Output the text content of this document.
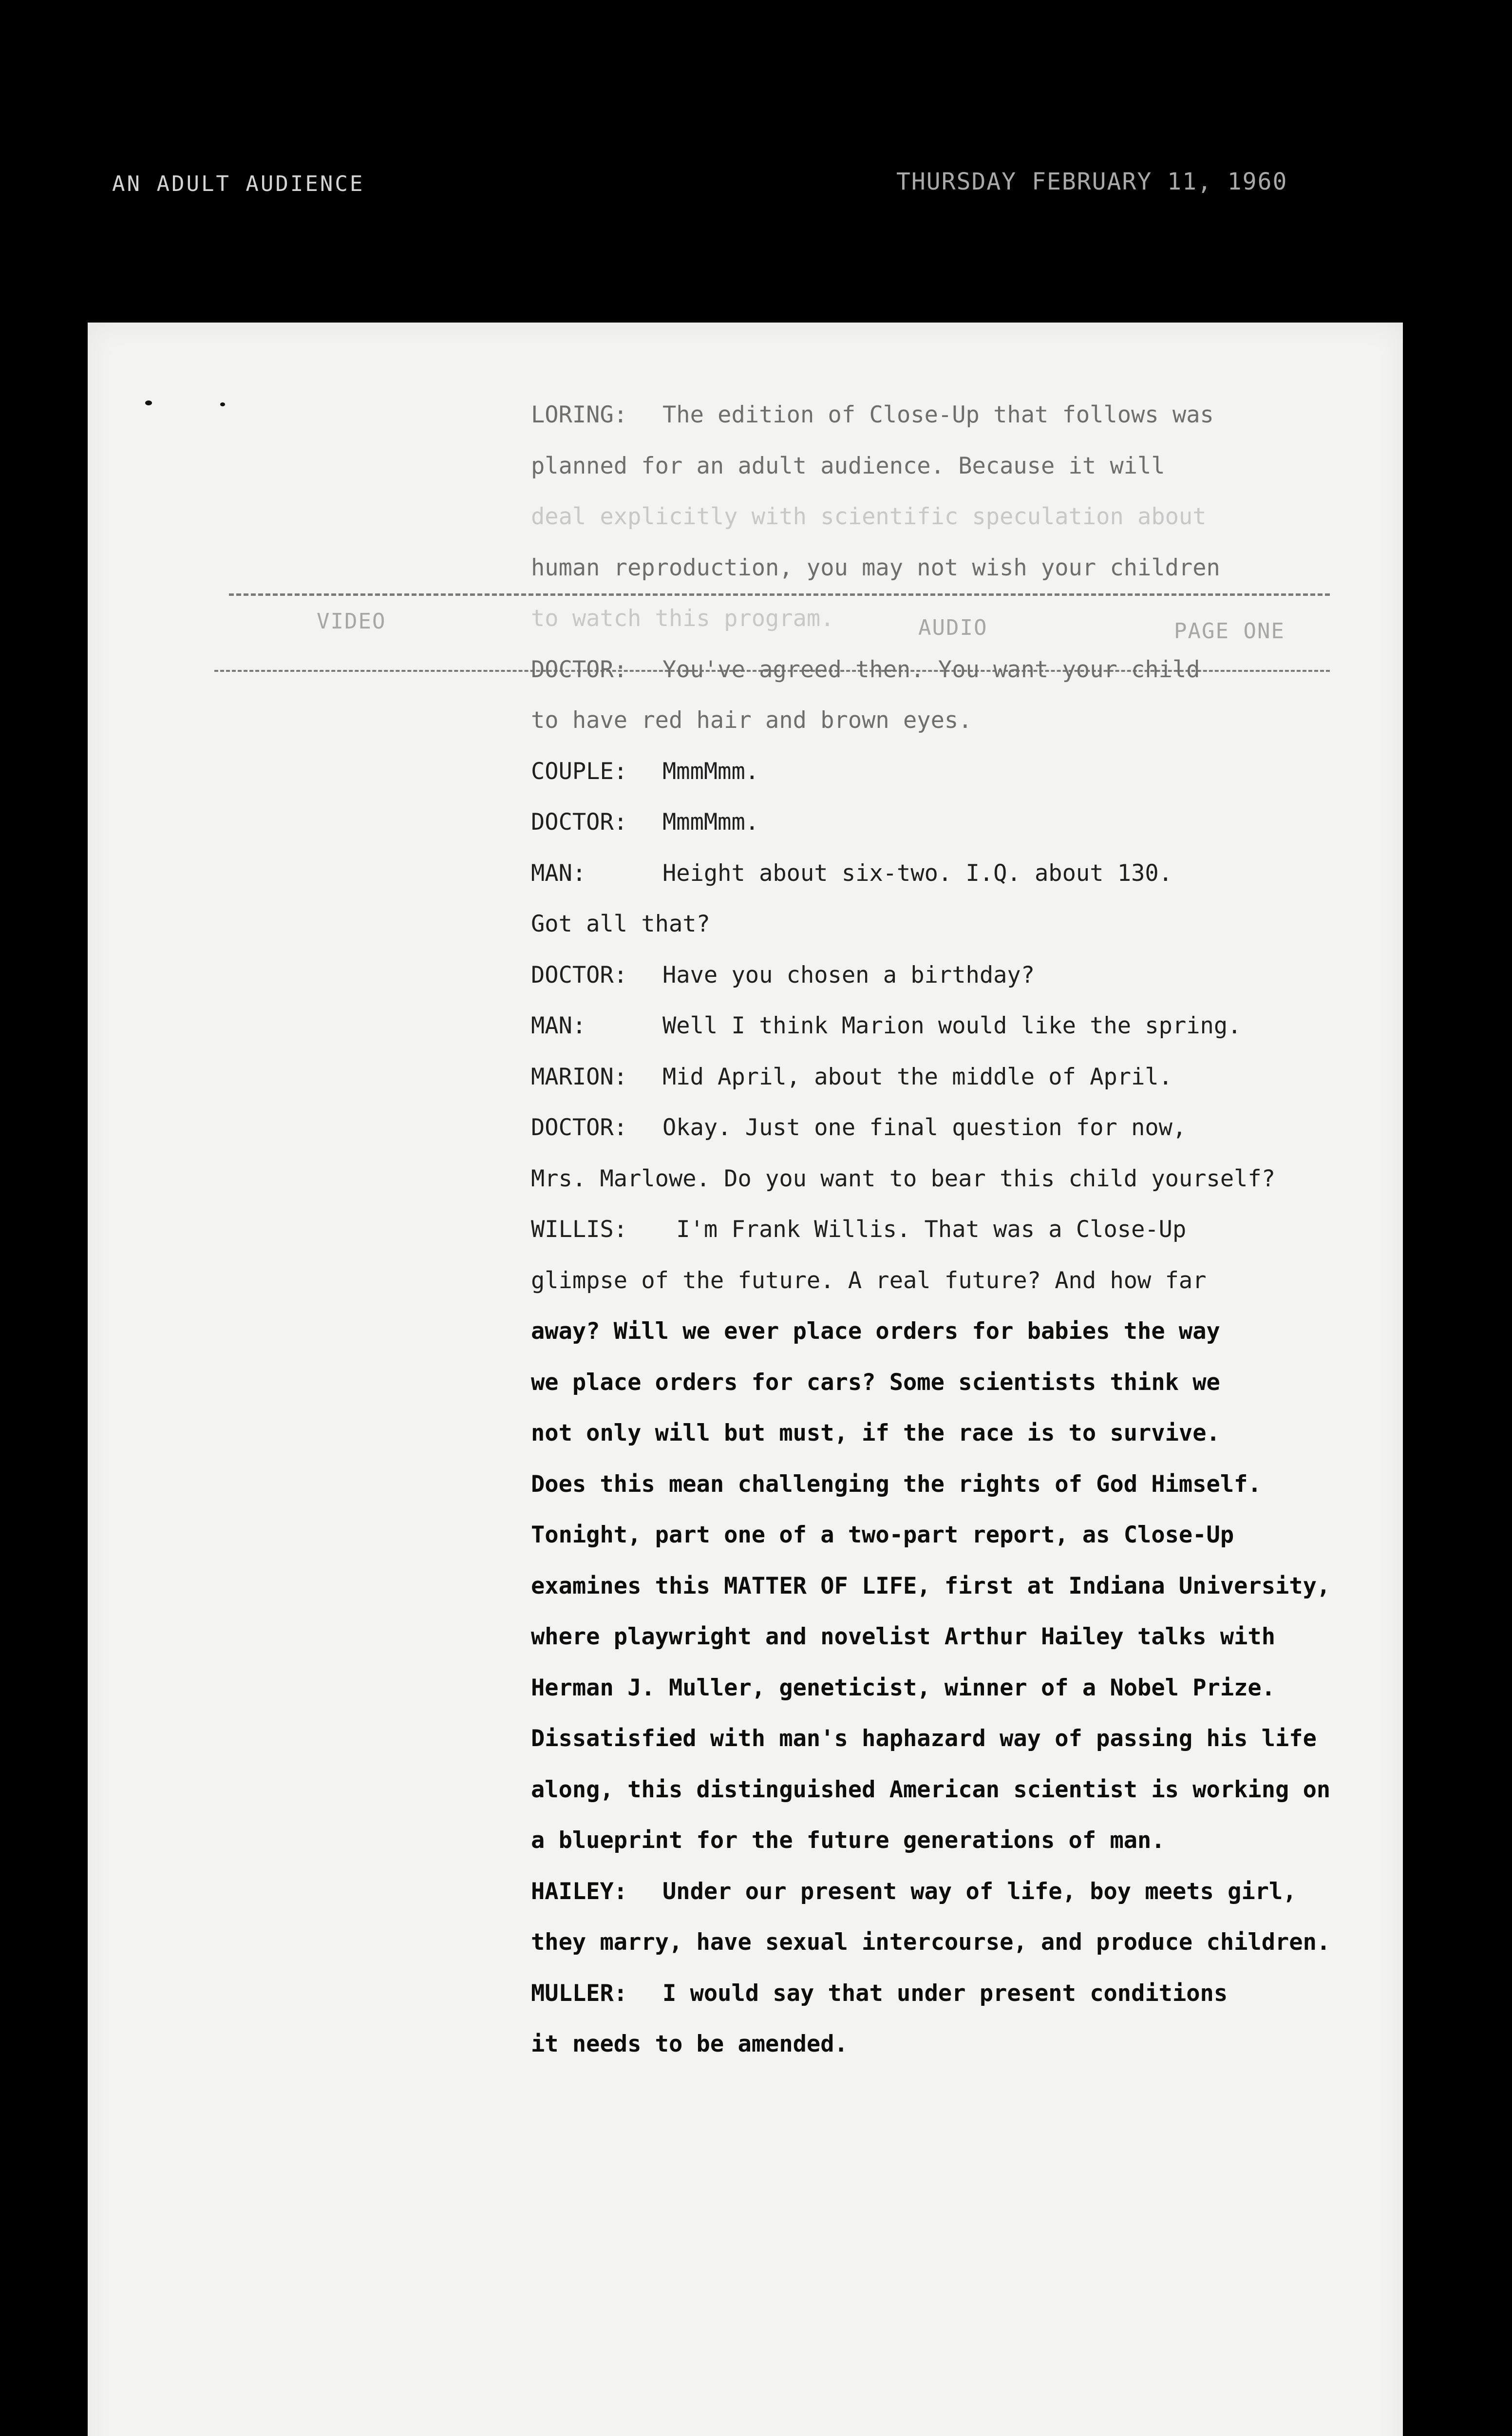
AN ADULT AUDIENCE	THURSDAY FEBRUARY 11, 1960
VIDEO	AUDIO	PAGE ONE
LORING: The edition of Close-Up that follows was
planned for an adult audience. Because it will
deal explicitly with scientific speculation about
human reproduction, you may not wish your children
to watch this program.
DOCTOR: You've agreed then. You want your child
to have red hair and brown eyes.
COUPLE: MmmMmm.
DOCTOR: MmmMmm.
MAN:	Height about six-two. I.Q. about 130.
Got all that?
DOCTOR: Have you chosen a birthday?
MAN:	Well I think Marion would like the spring.
MARION: Mid April, about the middle of April.
DOCTOR: Okay. Just one final question for now,
Mrs. Marlowe. Do you want to bear this child yourself?
WILLIS: I'm Frank Willis. That was a Close-Up
glimpse of the future. A real future? And how far
away? Will we ever place orders for babies the way
we place orders for cars? Some scientists think we
not only will but must, if the race is to survive.
Does this mean challenging the rights of God Himself.
Tonight, part one of a two-part report, as Close-Up
examines this MATTER OF LIFE, first at Indiana University,
where playwright and novelist Arthur Hailey talks with
Herman J. Muller, geneticist, winner of a Nobel Prize.
Dissatisfied with man's haphazard way of passing his life
along, this distinguished American scientist is working on
a blueprint for the future generations of man.
HAILEY: Under our present way of life, boy meets girl,
they marry, have sexual intercourse, and produce children.
MULLER: I would say that under present conditions
it needs to be amended.
